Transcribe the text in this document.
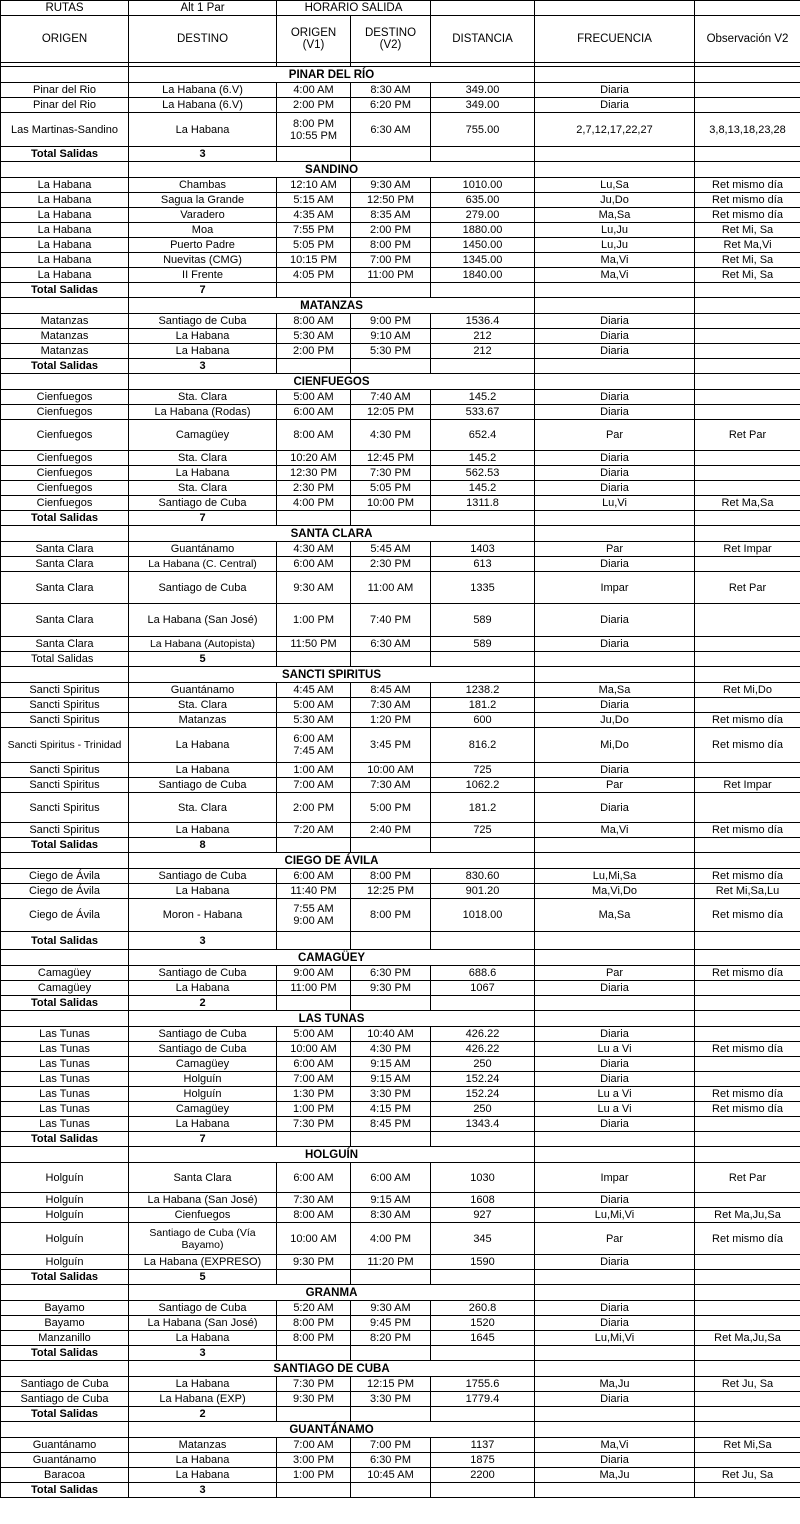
RUTAS	Alt 1 Par	HORARIO SALIDA				
ORIGEN	DESTINO	ORIGEN (V1)	DESTINO (V2)	DISTANCIA	FRECUENCIA	Observación V2

	PINAR DEL RÍO					
Pinar del Rio	La Habana (6.V)	4:00 AM	8:30 AM	349.00	Diaria	
Pinar del Rio	La Habana (6.V)	2:00 PM	6:20 PM	349.00	Diaria	
Las Martinas-Sandino	La Habana	8:00 PM
10:55 PM	6:30 AM	755.00	2,7,12,17,22,27	3,8,13,18,23,28
Total Salidas	3					
	SANDINO					
La Habana	Chambas	12:10 AM	9:30 AM	1010.00	Lu,Sa	Ret mismo día
La Habana	Sagua la Grande	5:15 AM	12:50 PM	635.00	Ju,Do	Ret mismo día
La Habana	Varadero	4:35 AM	8:35 AM	279.00	Ma,Sa	Ret mismo día
La Habana	Moa	7:55 PM	2:00 PM	1880.00	Lu,Ju	Ret Mi, Sa
La Habana	Puerto Padre	5:05 PM	8:00 PM	1450.00	Lu,Ju	Ret Ma,Vi
La Habana	Nuevitas (CMG)	10:15 PM	7:00 PM	1345.00	Ma,Vi	Ret Mi, Sa
La Habana	II Frente	4:05 PM	11:00 PM	1840.00	Ma,Vi	Ret Mi, Sa
Total Salidas	7					
	MATANZAS					
Matanzas	Santiago de Cuba	8:00 AM	9:00 PM	1536.4	Diaria	
Matanzas	La Habana	5:30 AM	9:10 AM	212	Diaria	
Matanzas	La Habana	2:00 PM	5:30 PM	212	Diaria	
Total Salidas	3					
	CIENFUEGOS					
Cienfuegos	Sta. Clara	5:00 AM	7:40 AM	145.2	Diaria	
Cienfuegos	La Habana (Rodas)	6:00 AM	12:05 PM	533.67	Diaria	
Cienfuegos	Camagüey	8:00 AM	4:30 PM	652.4	Par	Ret Par
Cienfuegos	Sta. Clara	10:20 AM	12:45 PM	145.2	Diaria	
Cienfuegos	La Habana	12:30 PM	7:30 PM	562.53	Diaria	
Cienfuegos	Sta. Clara	2:30 PM	5:05 PM	145.2	Diaria	
Cienfuegos	Santiago de Cuba	4:00 PM	10:00 PM	1311.8	Lu,Vi	Ret Ma,Sa
Total Salidas	7					
	SANTA CLARA					
Santa Clara	Guantánamo	4:30 AM	5:45 AM	1403	Par	Ret Impar
Santa Clara	La Habana (C. Central)	6:00 AM	2:30 PM	613	Diaria	
Santa Clara	Santiago de Cuba	9:30 AM	11:00 AM	1335	Impar	Ret Par
Santa Clara	La Habana (San José)	1:00 PM	7:40 PM	589	Diaria	
Santa Clara	La Habana (Autopista)	11:50 PM	6:30 AM	589	Diaria	
Total Salidas	5					
	SANCTI SPIRITUS					
Sancti Spiritus	Guantánamo	4:45 AM	8:45 AM	1238.2	Ma,Sa	Ret Mi,Do
Sancti Spiritus	Sta. Clara	5:00 AM	7:30 AM	181.2	Diaria	
Sancti Spiritus	Matanzas	5:30 AM	1:20 PM	600	Ju,Do	Ret mismo día
Sancti Spiritus - Trinidad	La Habana	6:00 AM
7:45 AM	3:45 PM	816.2	Mi,Do	Ret mismo día
Sancti Spiritus	La Habana	1:00 AM	10:00 AM	725	Diaria	
Sancti Spiritus	Santiago de Cuba	7:00 AM	7:30 AM	1062.2	Par	Ret Impar
Sancti Spiritus	Sta. Clara	2:00 PM	5:00 PM	181.2	Diaria	
Sancti Spiritus	La Habana	7:20 AM	2:40 PM	725	Ma,Vi	Ret mismo día
Total Salidas	8					
	CIEGO DE ÁVILA					
Ciego de Ávila	Santiago de Cuba	6:00 AM	8:00 PM	830.60	Lu,Mi,Sa	Ret mismo día
Ciego de Ávila	La Habana	11:40 PM	12:25 PM	901.20	Ma,Vi,Do	Ret Mi,Sa,Lu
Ciego de Ávila	Moron - Habana	7:55 AM
9:00 AM	8:00 PM	1018.00	Ma,Sa	Ret mismo día
Total Salidas	3					
	CAMAGÜEY					
Camagüey	Santiago de Cuba	9:00 AM	6:30 PM	688.6	Par	Ret mismo día
Camagüey	La Habana	11:00 PM	9:30 PM	1067	Diaria	
Total Salidas	2					
	LAS TUNAS					
Las Tunas	Santiago de Cuba	5:00 AM	10:40 AM	426.22	Diaria	
Las Tunas	Santiago de Cuba	10:00 AM	4:30 PM	426.22	Lu a Vi	Ret mismo día
Las Tunas	Camagüey	6:00 AM	9:15 AM	250	Diaria	
Las Tunas	Holguín	7:00 AM	9:15 AM	152.24	Diaria	
Las Tunas	Holguín	1:30 PM	3:30 PM	152.24	Lu a Vi	Ret mismo día
Las Tunas	Camagüey	1:00 PM	4:15 PM	250	Lu a Vi	Ret mismo día
Las Tunas	La Habana	7:30 PM	8:45 PM	1343.4	Diaria	
Total Salidas	7					
	HOLGUÍN					
Holguín	Santa Clara	6:00 AM	6:00 AM	1030	Impar	Ret Par
Holguín	La Habana (San José)	7:30 AM	9:15 AM	1608	Diaria	
Holguín	Cienfuegos	8:00 AM	8:30 AM	927	Lu,Mi,Vi	Ret Ma,Ju,Sa
Holguín	Santiago de Cuba (Vía
Bayamo)	10:00 AM	4:00 PM	345	Par	Ret mismo día
Holguín	La Habana (EXPRESO)	9:30 PM	11:20 PM	1590	Diaria	
Total Salidas	5					
	GRANMA					
Bayamo	Santiago de Cuba	5:20 AM	9:30 AM	260.8	Diaria	
Bayamo	La Habana (San José)	8:00 PM	9:45 PM	1520	Diaria	
Manzanillo	La Habana	8:00 PM	8:20 PM	1645	Lu,Mi,Vi	Ret Ma,Ju,Sa
Total Salidas	3					
	SANTIAGO DE CUBA					
Santiago de Cuba	La Habana	7:30 PM	12:15 PM	1755.6	Ma,Ju	Ret Ju, Sa
Santiago de Cuba	La Habana (EXP)	9:30 PM	3:30 PM	1779.4	Diaria	
Total Salidas	2					
	GUANTÁNAMO					
Guantánamo	Matanzas	7:00 AM	7:00 PM	1137	Ma,Vi	Ret Mi,Sa
Guantánamo	La Habana	3:00 PM	6:30 PM	1875	Diaria	
Baracoa	La Habana	1:00 PM	10:45 AM	2200	Ma,Ju	Ret Ju, Sa
Total Salidas	3					
